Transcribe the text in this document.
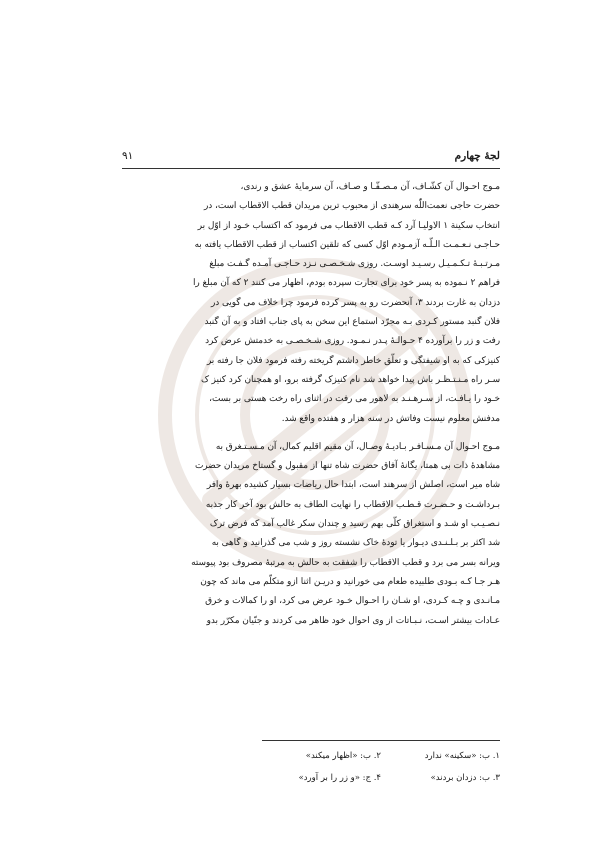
لجۀ چهارم
۹۱
مـوج احـوال آن کشّـاف، آن مـصـفّـا و صـاف، آن سرمایۀ عشق و رندی،
حضرت حاجی نعمت‌اللّٰه سرهندی از محبوب ترین مریدان قطب الاقطاب است، در
انتخاب سکینة ۱ الاولیـا آرد کـه قطب الاقطاب می فرمود که اکتساب خـود از اوّل بر
حـاجـی نـعـمـت الـلّـه آزمـودم اوّل کسی که تلقین اکتساب از قطب الاقطاب یافته به
مـرتـبـۀ تـکـمـیـل رسـیـد اوسـت. روزی شـخـصـی نـزد حـاجـی آمـده گـفـت مبلغ
فراهم ۲ نـموده به پسر خود برای تجارت سپرده بودم، اظهار می کنند ۲ که آن مبلغ را
دزدان به غارت بردند ۳، آنحضرت رو به پسر کرده فرمود چرا خلاف می گویی در
فلان گنبد مستور کـردی بـه مجرّد استماع این سخن به پای جناب افتاد و به آن گنبد
رفت و زر را برآورده ۴ حـوالـۀ پـدر نـمـود. روزی شـخـصـی به خدمتش عرض کرد
کنیزکی که به او شیفتگی و تعلّق خاطر داشتم گریخته رفته فرمود فلان جا رفته بر
سـر راه مـنـتـظـر باش پیدا خواهد شد نام کنیزک گرفته برو، او همچنان کرد کنیز ک
خـود را یـافـت، از سـرهـنـد به لاهور می رفت در اثنای راه رخت هستی بر بست،
مدفنش معلوم نیست وفاتش در سنه هزار و هفتده واقع شد.
مـوج احـوال آن مـسـافـر بـادیـۀ وصـال، آن مقیم اقلیم کمال، آن مـسـتـغرق به
مشاهدۀ ذات بی همتا، یگانۀ آفاق حضرت شاه تنها از مقبول و گستاخ مریدان حضرت
شاه میر است، اصلش از سرهند است، ابتدا حال ریاضات بسیار کشیده بهرۀ وافر
بـرداشـت و حـضـرت قـطـب الاقطاب را نهایت الطاف به حالش بود آخر کار جذبه
نـصـیـب او شـد و استغراق کلّی بهم رسید و چندان سکر غالب آمد که فرض ترک
شد اکثر بر بـلـنـدی دیـوار یا تودۀ خاک نشسته روز و شب می گذرانید و گاهی به
ویرانه بسر می برد و قطب الاقطاب را شفقت به حالش به مرتبۀ مصروف بود پیوسته
هـر جـا کـه بـودی طلبیده طعام می خورانید و دریـن اثنا ازو متکلّم می ماند که چون
مـانـدی و چـه کـردی، او شـان را احـوال خـود عرض می کرد، او را کمالات و خرق
عـادات بیشتر اسـت، نـبـاتات از وی احوال خود ظاهر می کردند و جنّیان مکرّر بدو
۱. ب: «سکینه» ندارد
۲. ب: «اظهار میکند»
۳. ب: دزدان بردند»
۴. ج: «و زر را بر آورد»
